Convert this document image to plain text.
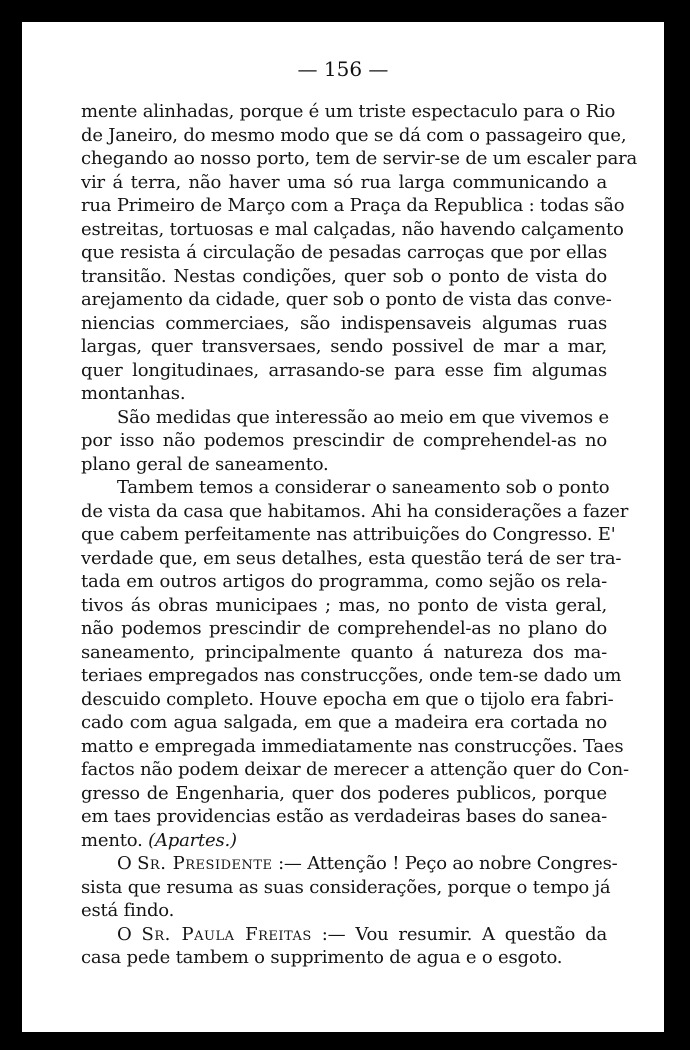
— 156 —
mente alinhadas, porque é um triste espectaculo para o Rio
de Janeiro, do mesmo modo que se dá com o passageiro que,
chegando ao nosso porto, tem de servir-se de um escaler para
vir á terra, não haver uma só rua larga communicando a
rua Primeiro de Março com a Praça da Republica : todas são
estreitas, tortuosas e mal calçadas, não havendo calçamento
que resista á circulação de pesadas carroças que por ellas
transitão. Nestas condições, quer sob o ponto de vista do
arejamento da cidade, quer sob o ponto de vista das conve-
niencias commerciaes, são indispensaveis algumas ruas
largas, quer transversaes, sendo possivel de mar a mar,
quer longitudinaes, arrasando-se para esse fim algumas
montanhas.
São medidas que interessão ao meio em que vivemos e
por isso não podemos prescindir de comprehendel-as no
plano geral de saneamento.
Tambem temos a considerar o saneamento sob o ponto
de vista da casa que habitamos. Ahi ha considerações a fazer
que cabem perfeitamente nas attribuições do Congresso. E'
verdade que, em seus detalhes, esta questão terá de ser tra-
tada em outros artigos do programma, como sejão os rela-
tivos ás obras municipaes ; mas, no ponto de vista geral,
não podemos prescindir de comprehendel-as no plano do
saneamento, principalmente quanto á natureza dos ma-
teriaes empregados nas construcções, onde tem-se dado um
descuido completo. Houve epocha em que o tijolo era fabri-
cado com agua salgada, em que a madeira era cortada no
matto e empregada immediatamente nas construcções. Taes
factos não podem deixar de merecer a attenção quer do Con-
gresso de Engenharia, quer dos poderes publicos, porque
em taes providencias estão as verdadeiras bases do sanea-
mento. (Apartes.)
O Sr. Presidente :— Attenção ! Peço ao nobre Congres-
sista que resuma as suas considerações, porque o tempo já
está findo.
O Sr. Paula Freitas :— Vou resumir. A questão da
casa pede tambem o supprimento de agua e o esgoto.
